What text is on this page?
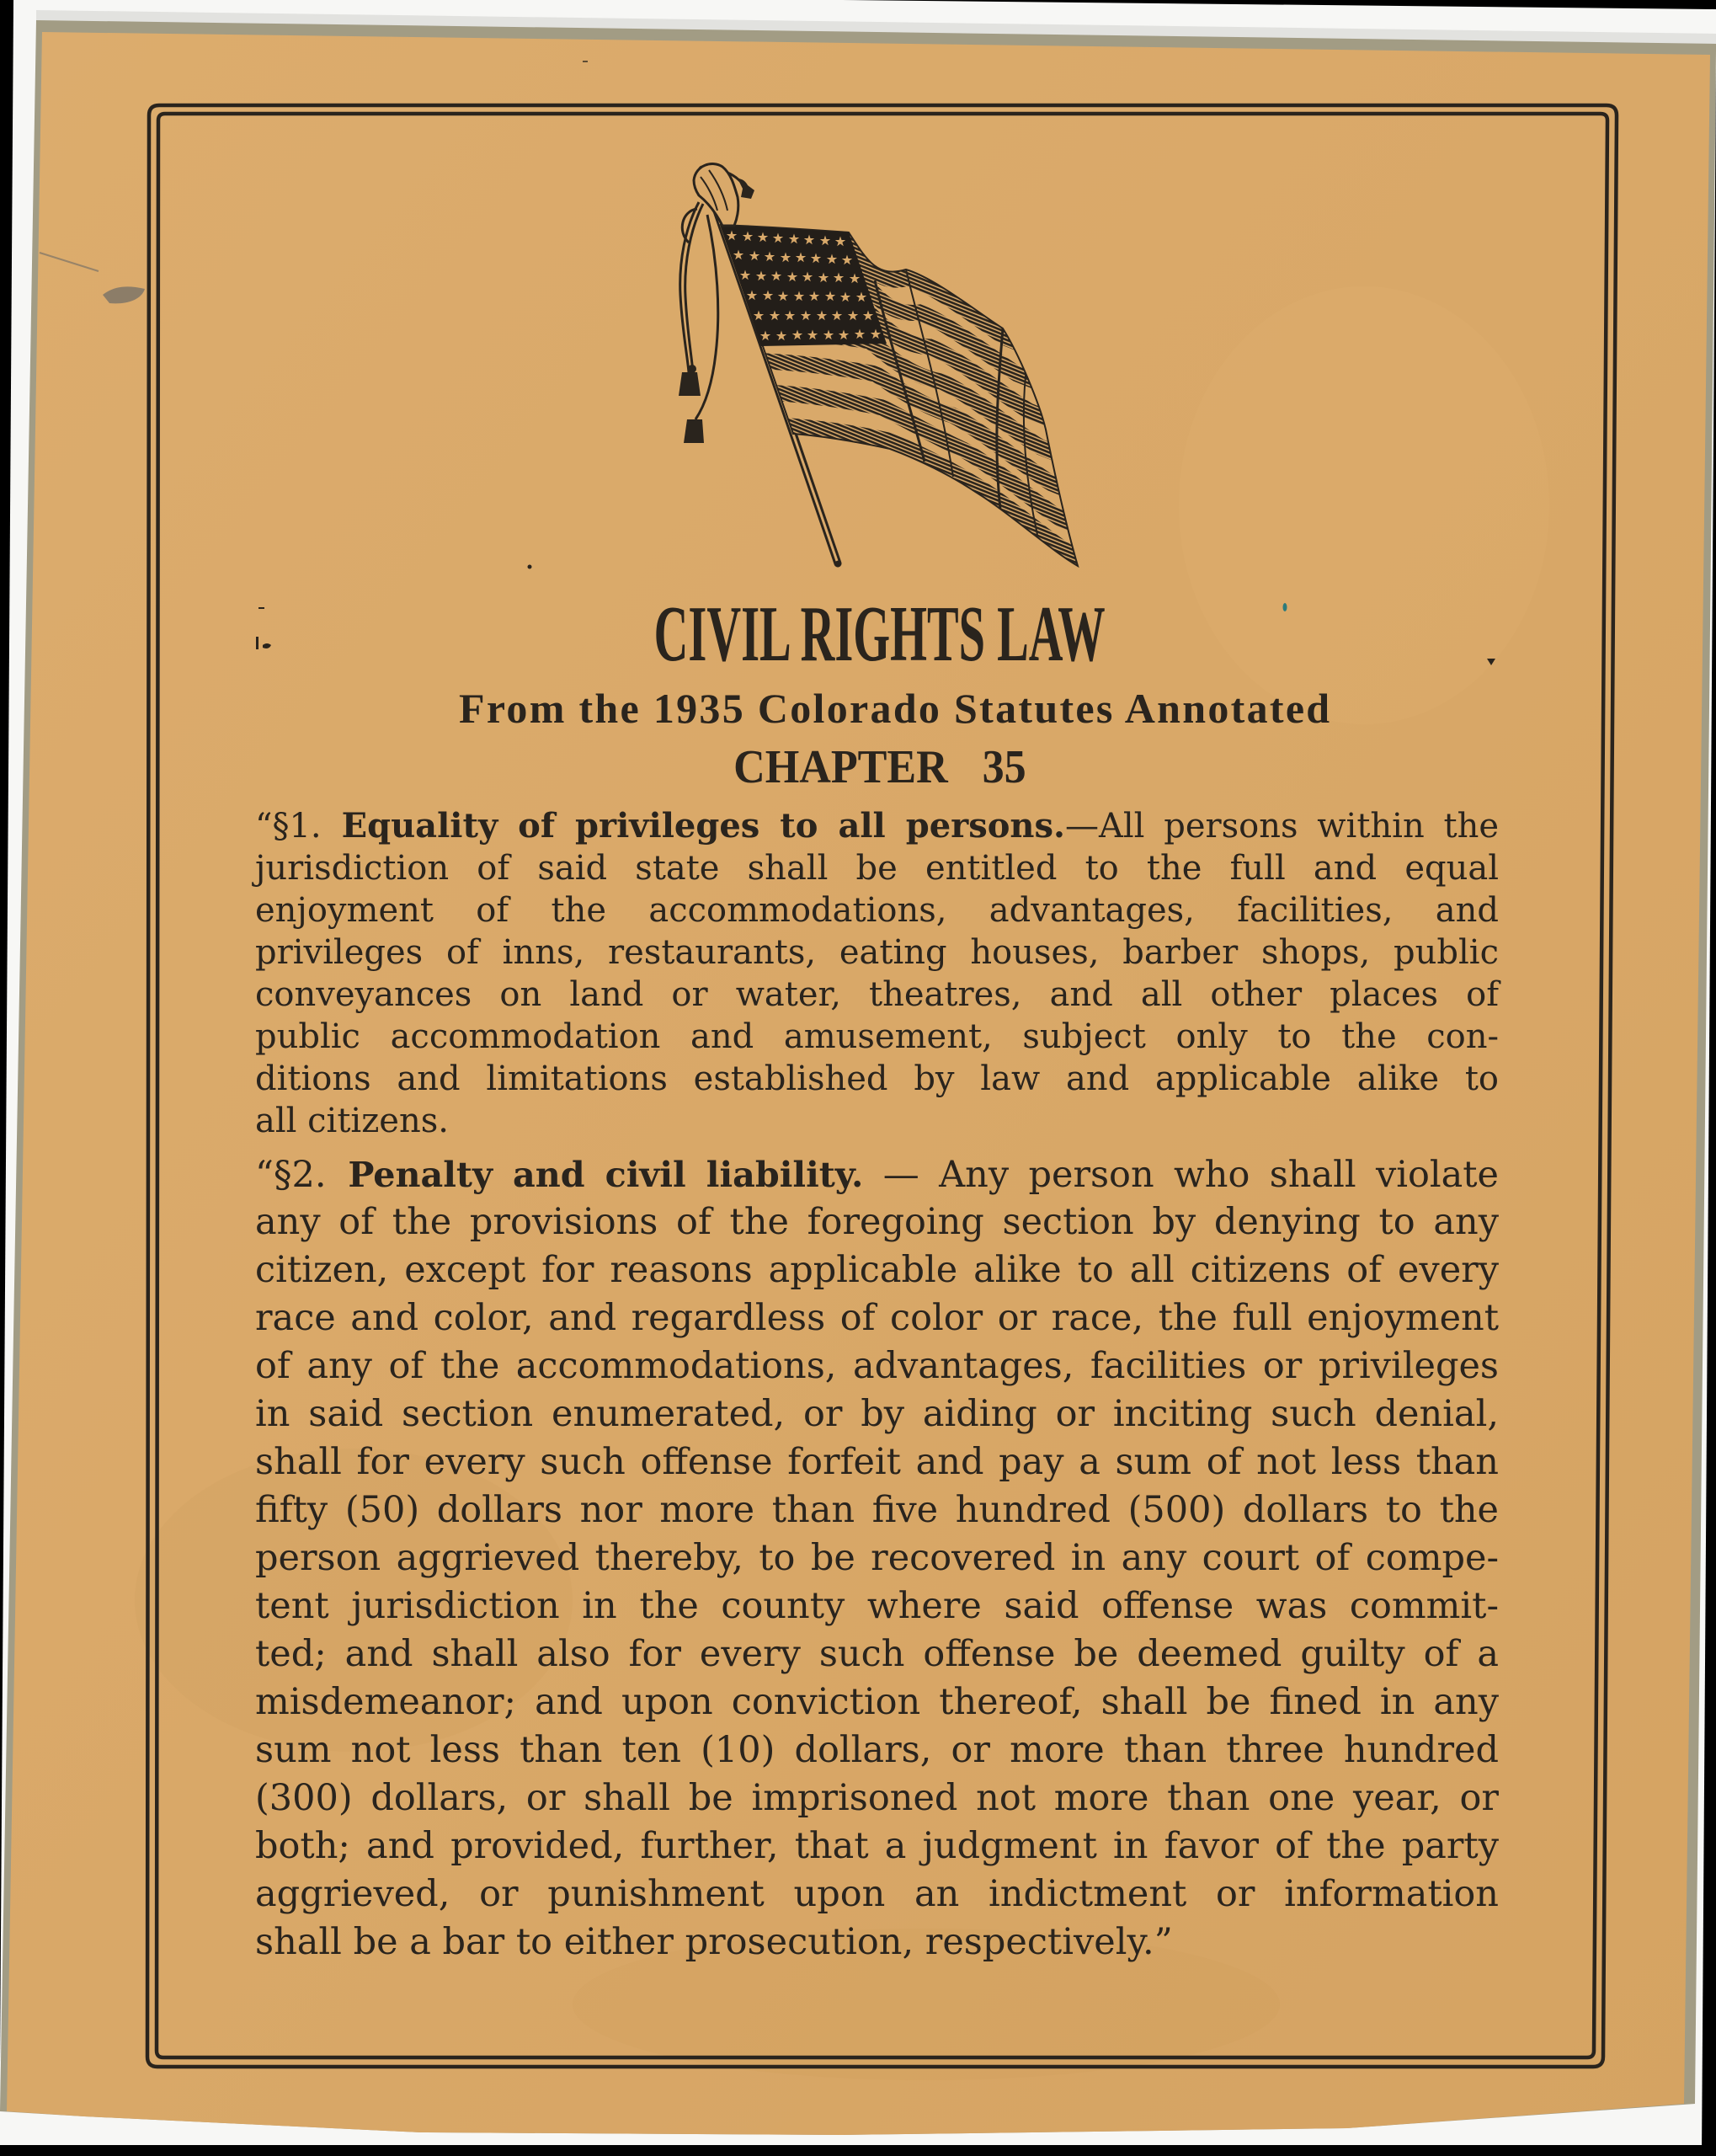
CIVIL RIGHTS LAW
From the 1935 Colorado Statutes Annotated
CHAPTER 35
“§1. Equality of privileges to all persons.—All persons within the
jurisdiction of said state shall be entitled to the full and equal
enjoyment of the accommodations, advantages, facilities, and
privileges of inns, restaurants, eating houses, barber shops, public
conveyances on land or water, theatres, and all other places of
public accommodation and amusement, subject only to the con-
ditions and limitations established by law and applicable alike to
all citizens.
“§2. Penalty and civil liability. — Any person who shall violate
any of the provisions of the foregoing section by denying to any
citizen, except for reasons applicable alike to all citizens of every
race and color, and regardless of color or race, the full enjoyment
of any of the accommodations, advantages, facilities or privileges
in said section enumerated, or by aiding or inciting such denial,
shall for every such offense forfeit and pay a sum of not less than
fifty (50) dollars nor more than five hundred (500) dollars to the
person aggrieved thereby, to be recovered in any court of compe-
tent jurisdiction in the county where said offense was commit-
ted; and shall also for every such offense be deemed guilty of a
misdemeanor; and upon conviction thereof, shall be fined in any
sum not less than ten (10) dollars, or more than three hundred
(300) dollars, or shall be imprisoned not more than one year, or
both; and provided, further, that a judgment in favor of the party
aggrieved, or punishment upon an indictment or information
shall be a bar to either prosecution, respectively.”
